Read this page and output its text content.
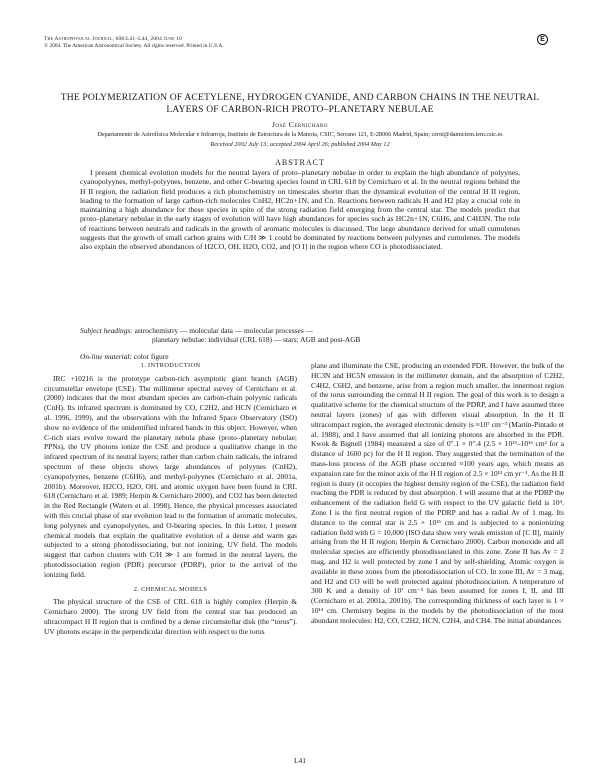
The Astrophysical Journal, 608:L41–L44, 2004 June 10
© 2004. The American Astronomical Society. All rights reserved. Printed in U.S.A.
E
THE POLYMERIZATION OF ACETYLENE, HYDROGEN CYANIDE, AND CARBON CHAINS IN THE NEUTRAL LAYERS OF CARBON-RICH PROTO–PLANETARY NEBULAE
José Cernicharo
Departamento de Astrofísica Molecular e Infrarroja, Instituto de Estructura de la Materia, CSIC, Serrano 121, E-28006 Madrid, Spain; cerni@damiciem.iem.csic.es
Received 2002 July 13; accepted 2004 April 26; published 2004 May 12
ABSTRACT
I present chemical evolution models for the neutral layers of proto–planetary nebulae in order to explain the high abundance of polyynes, cyanopolyynes, methyl-polyynes, benzene, and other C-bearing species found in CRL 618 by Cernicharo et al. In the neutral regions behind the H II region, the radiation field produces a rich photochemistry on timescales shorter than the dynamical evolution of the central H II region, leading to the formation of large carbon-rich molecules CnH2, HC2n+1N, and Cn. Reactions between radicals H and H2 play a crucial role in maintaining a high abundance for these species in spite of the strong radiation field emerging from the central star. The models predict that proto–planetary nebulae in the early stages of evolution will have high abundances for species such as HC2n+1N, C6H6, and C4H3N. The role of reactions between neutrals and radicals in the growth of aromatic molecules is discussed. The large abundance derived for small cumulenes suggests that the growth of small carbon grains with C/H ≫ 1 could be dominated by reactions between polyynes and cumulenes. The models also explain the observed abundances of H2CO, OH, H2O, CO2, and [O I] in the region where CO is photodissociated.
Subject headings: astrochemistry — molecular data — molecular processes —
planetary nebulae: individual (CRL 618) — stars: AGB and post-AGB
On-line material: color figure
1. INTRODUCTION

IRC +10216 is the prototype carbon-rich asymptotic giant branch (AGB) circumstellar envelope (CSE). The millimeter spectral survey of Cernicharo et al. (2000) indicates that the most abundant species are carbon-chain polyynic radicals (CnH). Its infrared spectrum is dominated by CO, C2H2, and HCN (Cernicharo et al. 1996, 1999), and the observations with the Infrared Space Observatory (ISO) show no evidence of the unidentified infrared bands in this object. However, when C-rich stars evolve toward the planetary nebula phase (proto–planetary nebulae; PPNs), the UV photons ionize the CSE and produce a qualitative change in the infrared spectrum of its neutral layers; rather than carbon chain radicals, the infrared spectrum of these objects shows large abundances of polyynes (CnH2), cyanopolyynes, benzene (C6H6), and methyl-polyynes (Cernicharo et al. 2001a, 2001b). Moreover, H2CO, H2O, OH, and atomic oxygen have been found in CRL 618 (Cernicharo et al. 1989; Herpin & Cernicharo 2000), and CO2 has been detected in the Red Rectangle (Waters et al. 1998). Hence, the physical processes associated with this crucial phase of star evolution lead to the formation of aromatic molecules, long polyynes and cyanopolyynes, and O-bearing species. In this Letter, I present chemical models that explain the qualitative evolution of a dense and warm gas subjected to a strong photodissociating, but not ionizing, UV field. The models suggest that carbon clusters with C/H ≫ 1 are formed in the neutral layers, the photodissociation region (PDR) precursor (PDRP), prior to the arrival of the ionizing field.

2. CHEMICAL MODELS

The physical structure of the CSE of CRL 618 is highly complex (Herpin & Cernicharo 2000). The strong UV field from the central star has produced an ultracompact H II region that is confined by a dense circumstellar disk (the “torus”). UV photons escape in the perpendicular direction with respect to the torus

plane and illuminate the CSE, producing an extended PDR. However, the bulk of the HC3N and HC5N emission in the millimeter domain, and the absorption of C2H2, C4H2, C6H2, and benzene, arise from a region much smaller, the innermost region of the torus surrounding the central H II region. The goal of this work is to design a qualitative scheme for the chemical structure of the PDRP, and I have assumed three neutral layers (zones) of gas with different visual absorption. In the H II ultracompact region, the averaged electronic density is ≈10⁷ cm⁻³ (Martín-Pintado et al. 1988), and I have assumed that all ionizing photons are absorbed in the PDR. Kwok & Bignell (1984) measured a size of 0″.1 × 0″.4 (2.5 × 10¹⁵–10¹⁶ cm² for a distance of 1600 pc) for the H II region. They suggested that the termination of the mass-loss process of the AGB phase occurred ≈100 years ago, which means an expansion rate for the minor axis of the H II region of 2.5 × 10¹³ cm yr⁻¹. As the H II region is dusty (it occupies the highest density region of the CSE), the radiation field reaching the PDR is reduced by dust absorption. I will assume that at the PDRP the enhancement of the radiation field G with respect to the UV galactic field is 10⁴. Zone I is the first neutral region of the PDRP and has a radial Av of 1 mag. Its distance to the central star is 2.5 × 10¹⁵ cm and is subjected to a nonionizing radiation field with G = 10,000 (ISO data show very weak emission of [C II], mainly arising from the H II region; Herpin & Cernicharo 2000). Carbon monoxide and all molecular species are efficiently photodissociated in this zone. Zone II has Av = 2 mag, and H2 is well protected by zone I and by self-shielding. Atomic oxygen is available in these zones from the photodissociation of CO. In zone III, Av = 3 mag, and H2 and CO will be well protected against photodissociation. A temperature of 300 K and a density of 10⁷ cm⁻³ has been assumed for zones I, II, and III (Cernicharo et al. 2001a, 2001b). The corresponding thickness of each layer is 1 × 10¹⁴ cm. Chemistry begins in the models by the photodissociation of the most abundant molecules: H2, CO, C2H2, HCN, C2H4, and CH4. The initial abundances

L41
